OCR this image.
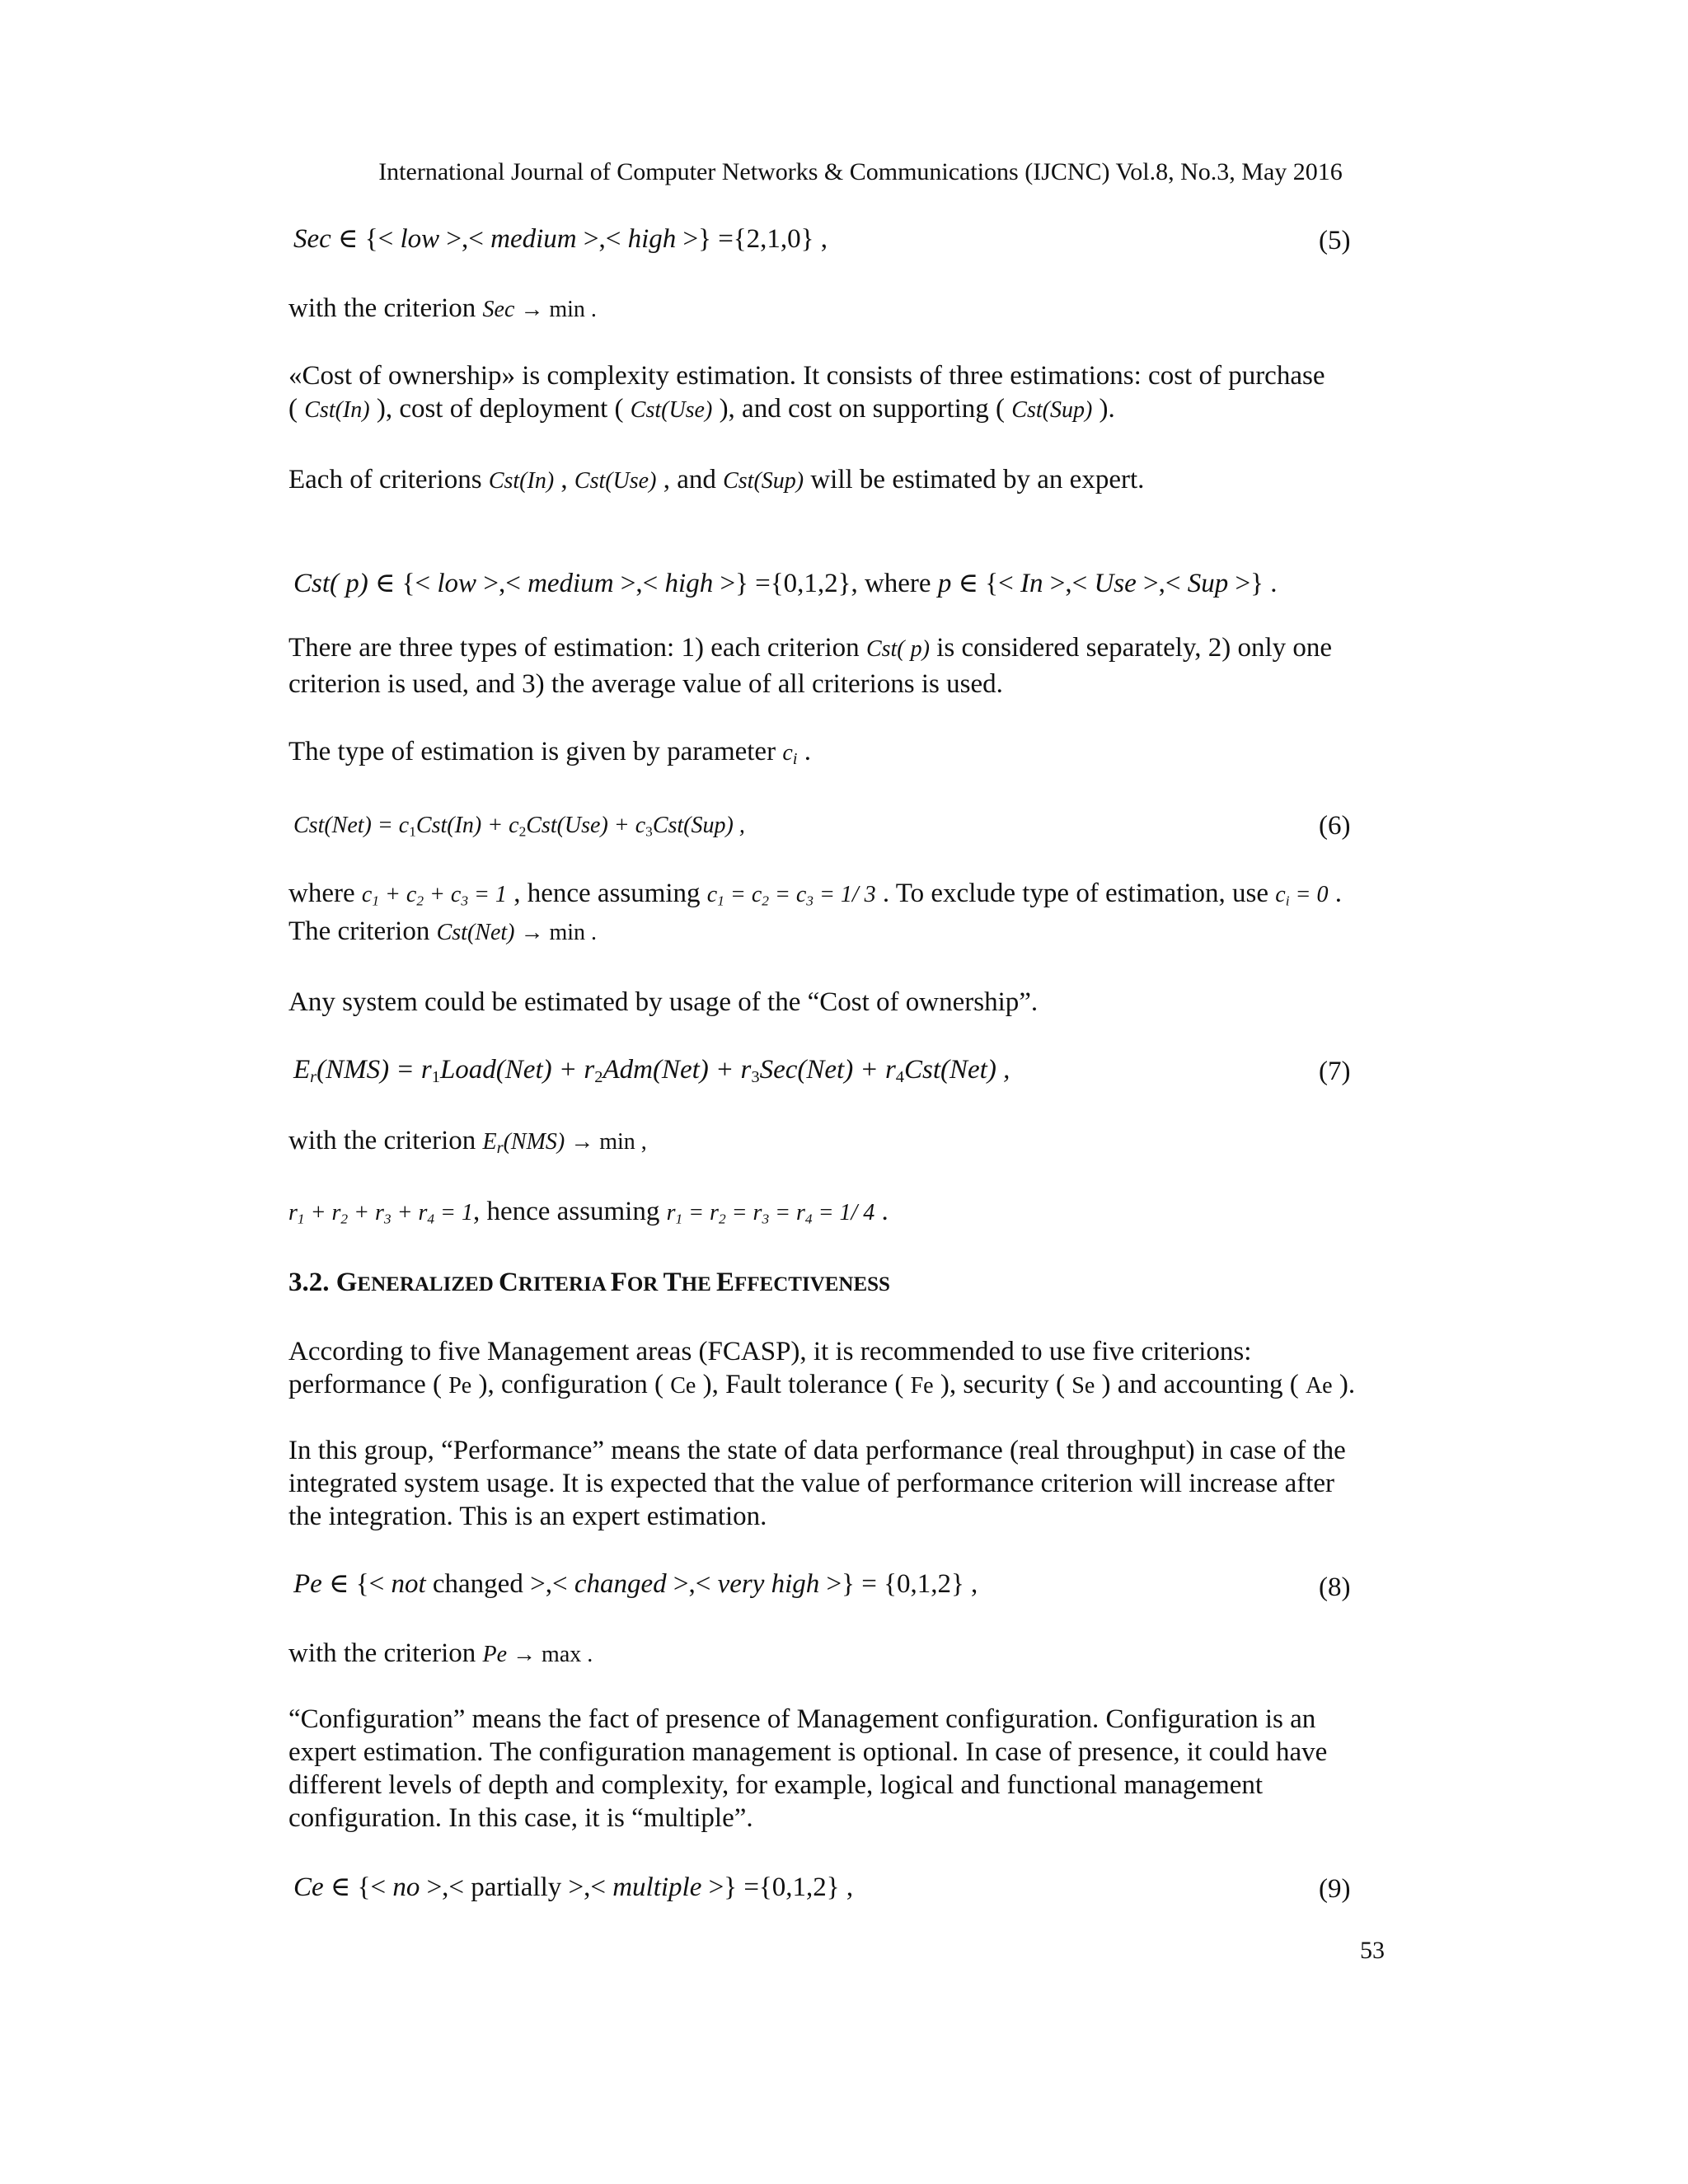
International Journal of Computer Networks & Communications (IJCNC) Vol.8, No.3, May 2016
Sec ∈ {< low >,< medium >,< high >} ={2,1,0} ,	(5)
with the criterion Sec → min .
«Cost of ownership» is complexity estimation. It consists of three estimations: cost of purchase
( Cst(In) ), cost of deployment ( Cst(Use) ), and cost on supporting ( Cst(Sup) ).
Each of criterions Cst(In) , Cst(Use) , and Cst(Sup) will be estimated by an expert.
Cst( p) ∈ {< low >,< medium >,< high >} ={0,1,2}, where p ∈ {< In >,< Use >,< Sup >} .
There are three types of estimation: 1) each criterion Cst( p) is considered separately, 2) only one
criterion is used, and 3) the average value of all criterions is used.
The type of estimation is given by parameter $c_i$ .
$Cst(Net) = c_1Cst(In) + c_2Cst(Use) + c_3Cst(Sup)$ ,	(6)
where $c_1 + c_2 + c_3 = 1$ , hence assuming $c_1 = c_2 = c_3 = 1/$ 3 . To exclude type of estimation, use $c_i = 0$ .
The criterion Cst(Net) → min .
Any system could be estimated by usage of the “Cost of ownership”.
$E_r(NMS)$ = $r_1Load(Net) + r_2Adm(Net) + r_3Sec(Net) + r_4Cst(Net)$ ,	(7)
with the criterion $E_r(NMS) \to \min$ ,
$r_1 + r_2 + r_3 + r_4 = 1$, hence assuming $r_1 = r_2 = r_3 = r_4 = 1/$ 4 .
3.2. GENERALIZED CRITERIA FOR THE EFFECTIVENESS
According to five Management areas (FCASP), it is recommended to use five criterions:
performance ( Pe ), configuration ( Ce ), Fault tolerance ( Fe ), security ( Se ) and accounting ( Ae ).
In this group, “Performance” means the state of data performance (real throughput) in case of the
integrated system usage. It is expected that the value of performance criterion will increase after
the integration. This is an expert estimation.
Pe ∈ {< not changed >,< changed >,< very high >} = {0,1,2} ,	(8)
with the criterion Pe → max .
“Configuration” means the fact of presence of Management configuration. Configuration is an
expert estimation. The configuration management is optional. In case of presence, it could have
different levels of depth and complexity, for example, logical and functional management
configuration. In this case, it is “multiple”.
Ce ∈ {< no >,< partially >,< multiple >} ={0,1,2} ,	(9)
53
